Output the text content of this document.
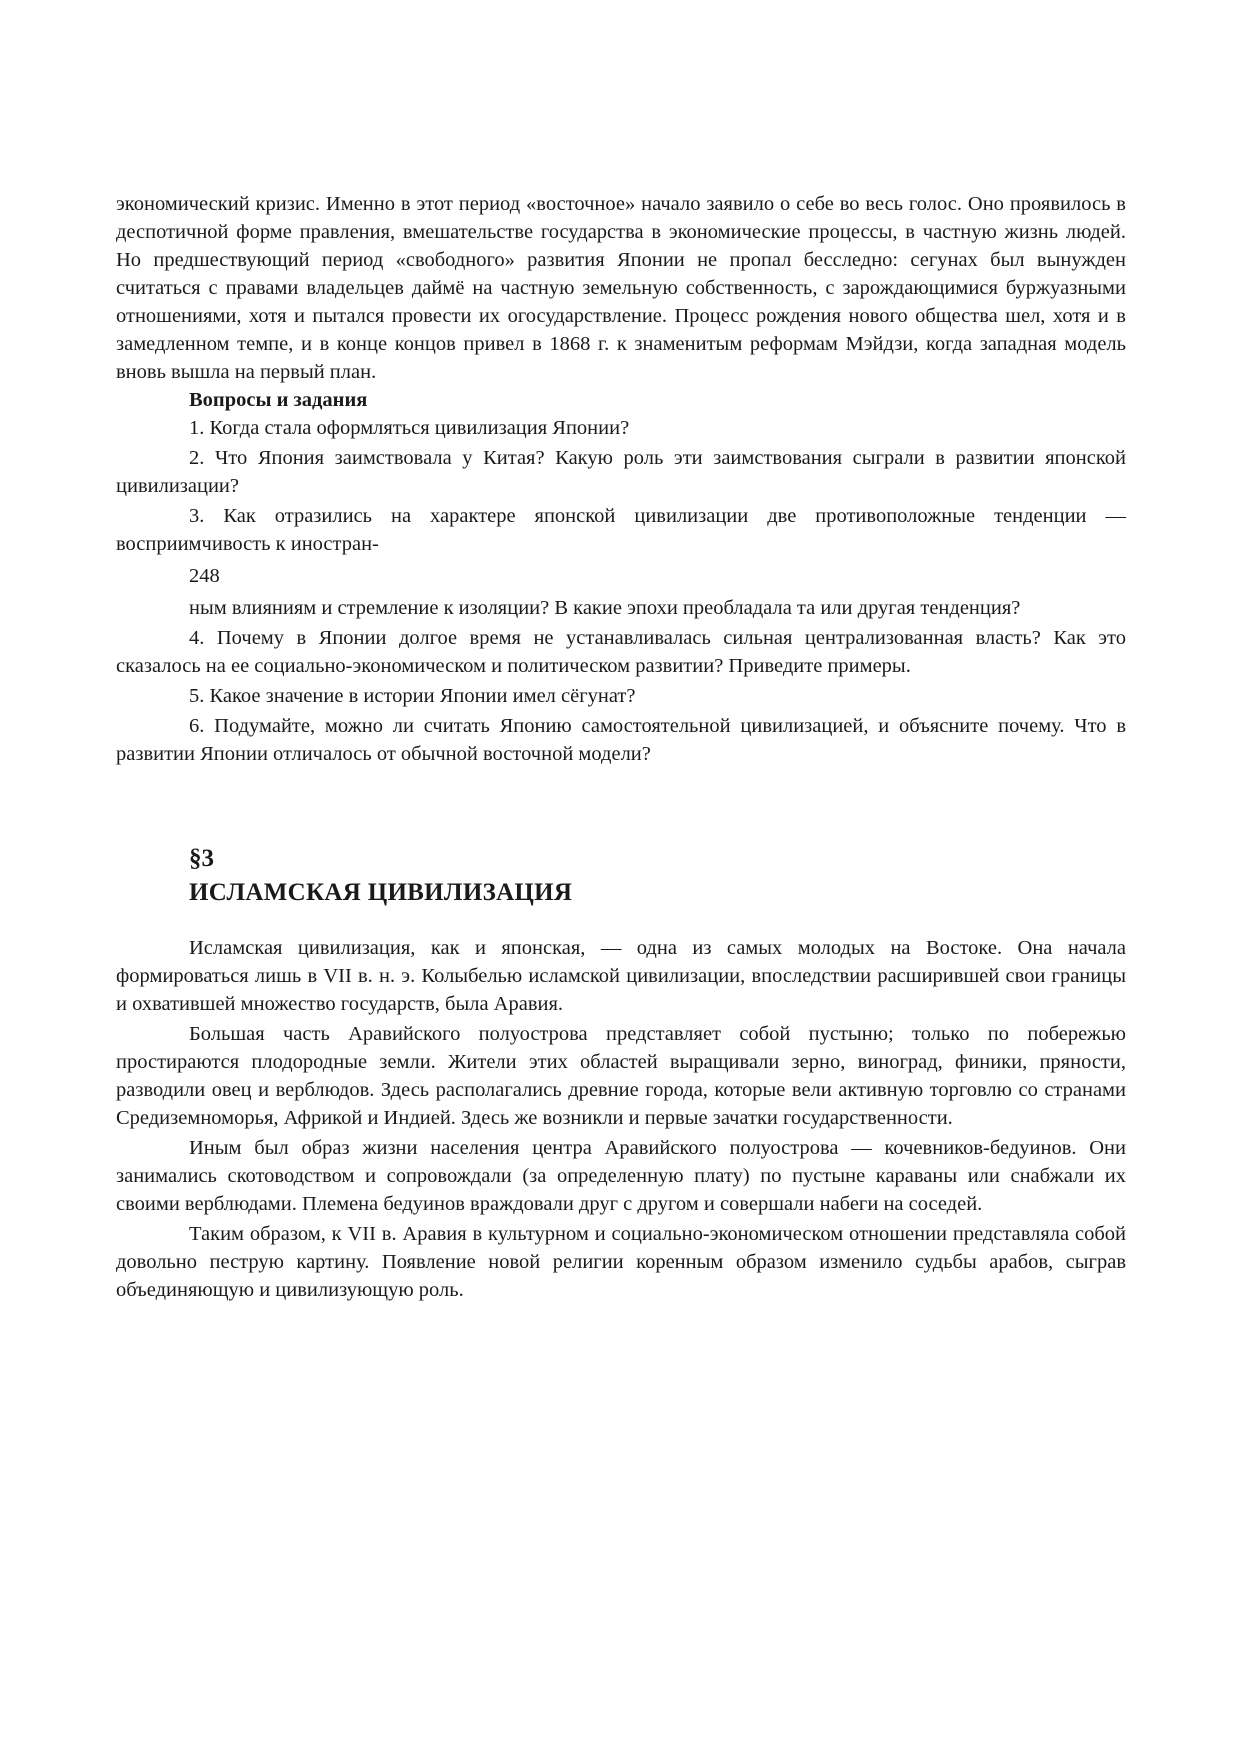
экономический кризис. Именно в этот период «восточное» начало заявило о себе во весь голос. Оно проявилось в деспотичной форме правления, вмешательстве государства в экономические процессы, в частную жизнь людей. Но предшествующий период «свободного» развития Японии не пропал бесследно: сегунах был вынужден считаться с правами владельцев даймё на частную земельную собственность, с зарождающимися буржуазными отношениями, хотя и пытался провести их огосударствление. Процесс рождения нового общества шел, хотя и в замедленном темпе, и в конце концов привел в 1868 г. к знаменитым реформам Мэйдзи, когда западная модель вновь вышла на первый план.

Вопросы и задания

1. Когда стала оформляться цивилизация Японии?

2. Что Япония заимствовала у Китая? Какую роль эти заимствования сыграли в развитии японской цивилизации?

3. Как отразились на характере японской цивилизации две противоположные тенденции — восприимчивость к иностран-

248

ным влияниям и стремление к изоляции? В какие эпохи преобладала та или другая тенденция?

4. Почему в Японии долгое время не устанавливалась сильная централизованная власть? Как это сказалось на ее социально-экономическом и политическом развитии? Приведите примеры.

5. Какое значение в истории Японии имел сёгунат?

6. Подумайте, можно ли считать Японию самостоятельной цивилизацией, и объясните почему. Что в развитии Японии отличалось от обычной восточной модели?

§3
ИСЛАМСКАЯ ЦИВИЛИЗАЦИЯ

Исламская цивилизация, как и японская, — одна из самых молодых на Востоке. Она начала формироваться лишь в VII в. н. э. Колыбелью исламской цивилизации, впоследствии расширившей свои границы и охватившей множество государств, была Аравия.

Большая часть Аравийского полуострова представляет собой пустыню; только по побережью простираются плодородные земли. Жители этих областей выращивали зерно, виноград, финики, пряности, разводили овец и верблюдов. Здесь располагались древние города, которые вели активную торговлю со странами Средиземноморья, Африкой и Индией. Здесь же возникли и первые зачатки государственности.

Иным был образ жизни населения центра Аравийского полуострова — кочевников-бедуинов. Они занимались скотоводством и сопровождали (за определенную плату) по пустыне караваны или снабжали их своими верблюдами. Племена бедуинов враждовали друг с другом и совершали набеги на соседей.

Таким образом, к VII в. Аравия в культурном и социально-экономическом отношении представляла собой довольно пеструю картину. Появление новой религии коренным образом изменило судьбы арабов, сыграв объединяющую и цивилизующую роль.
